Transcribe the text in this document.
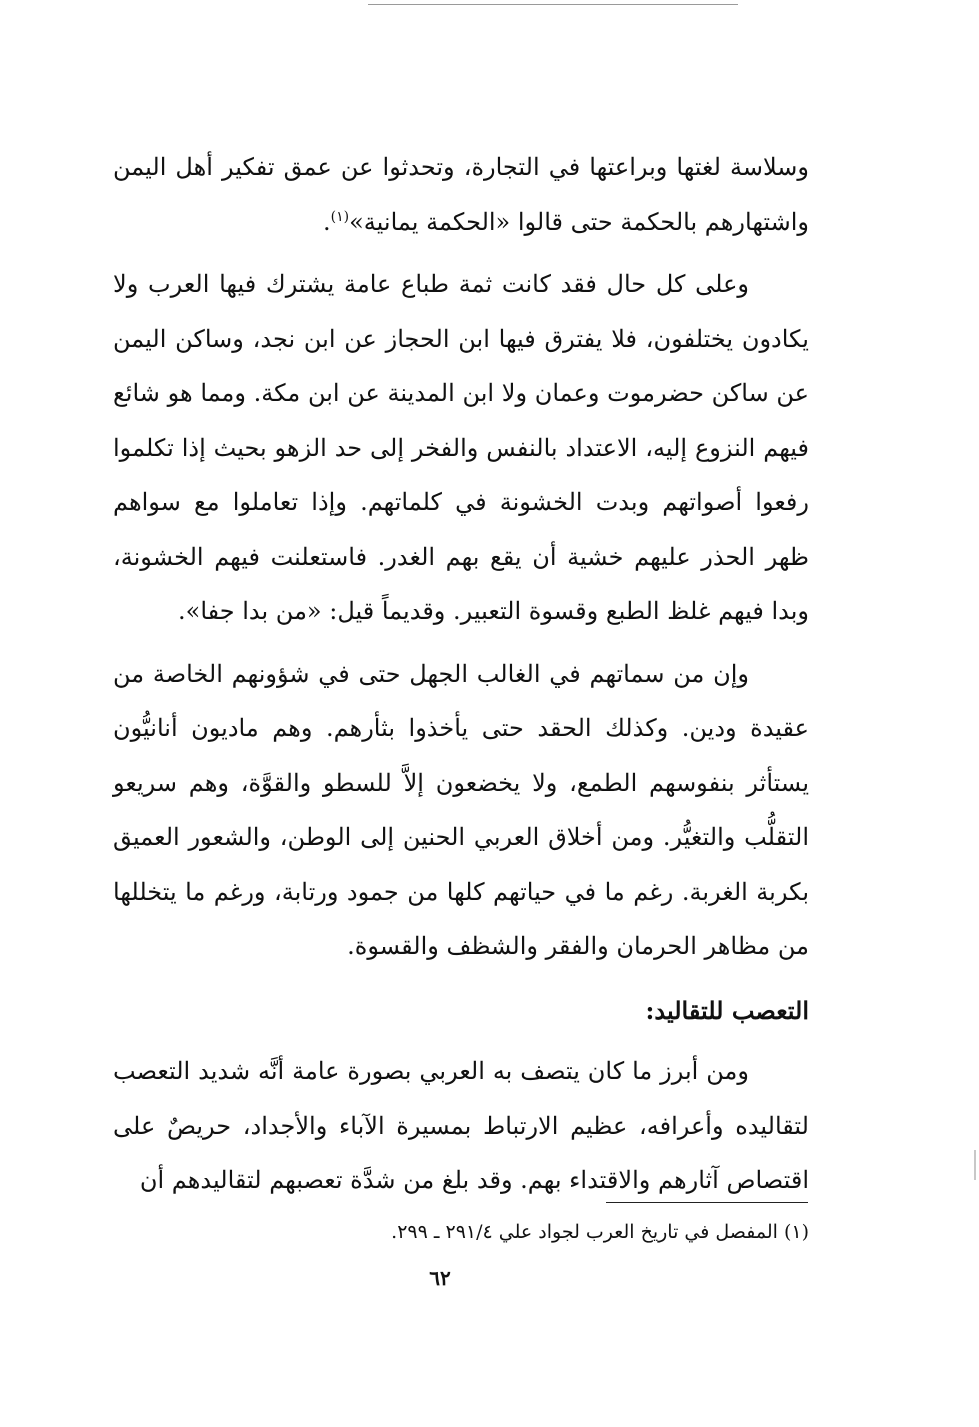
وسلاسة لغتها وبراعتها في التجارة، وتحدثوا عن عمق تفكير أهل اليمن واشتهارهم بالحكمة حتى قالوا «الحكمة يمانية»$^{(١)}$.

وعلى كل حال فقد كانت ثمة طباع عامة يشترك فيها العرب ولا يكادون يختلفون، فلا يفترق فيها ابن الحجاز عن ابن نجد، وساكن اليمن عن ساكن حضرموت وعمان ولا ابن المدينة عن ابن مكة. ومما هو شائع فيهم النزوع إليه، الاعتداد بالنفس والفخر إلى حد الزهو بحيث إذا تكلموا رفعوا أصواتهم وبدت الخشونة في كلماتهم. وإذا تعاملوا مع سواهم ظهر الحذر عليهم خشية أن يقع بهم الغدر. فاستعلنت فيهم الخشونة، وبدا فيهم غلظ الطبع وقسوة التعبير. وقديماً قيل: «من بدا جفا».

وإن من سماتهم في الغالب الجهل حتى في شؤونهم الخاصة من عقيدة ودين. وكذلك الحقد حتى يأخذوا بثأرهم. وهم ماديون أنانيُّون يستأثر بنفوسهم الطمع، ولا يخضعون إلاَّ للسطو والقوَّة، وهم سريعو التقلُّب والتغيُّر. ومن أخلاق العربي الحنين إلى الوطن، والشعور العميق بكربة الغربة. رغم ما في حياتهم كلها من جمود ورتابة، ورغم ما يتخللها من مظاهر الحرمان والفقر والشظف والقسوة.

التعصب للتقاليد:

ومن أبرز ما كان يتصف به العربي بصورة عامة أنَّه شديد التعصب لتقاليده وأعرافه، عظيم الارتباط بمسيرة الآباء والأجداد، حريصٌ على اقتصاص آثارهم والاقتداء بهم. وقد بلغ من شدَّة تعصبهم لتقاليدهم أن

(١) المفصل في تاريخ العرب لجواد علي ٢٩١/٤ ـ ٢٩٩.

٦٢
